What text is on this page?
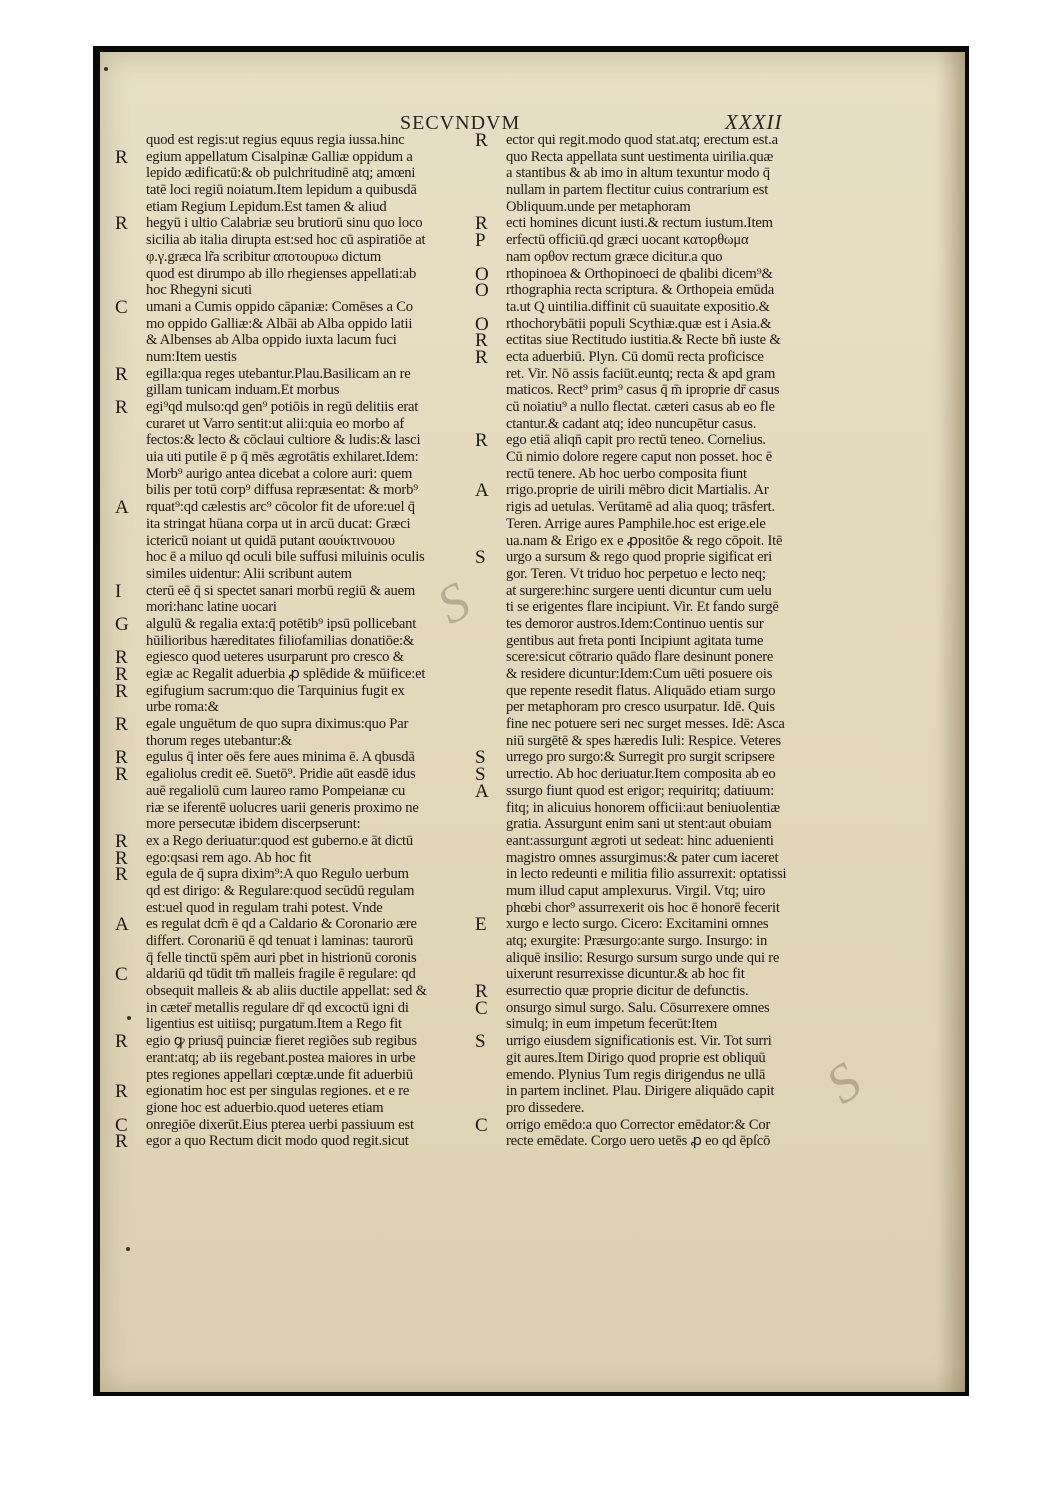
SECVNDVM	XXXII
quod est regis:ut regius equus regia iussa.hinc
R egium appellatum Cisalpinæ Galliæ oppidum a
lepido ædificatū:& ob pulchritudinē atq; amœni
tatē loci regiū noiatum.Item lepidum a quibusdā
etiam Regium Lepidum.Est tamen & aliud
R hegyū i ultio Calabriæ seu brutiorū sinu quo loco
sicilia ab italia dirupta est:sed hoc cū aspiratiōe at
φ.γ.græca lr̃a scribitur αποτουρυω dictum
quod est dirumpo ab illo rhegienses appellati:ab
hoc Rhegyni sicuti
C umani a Cumis oppido cāpaniæ: Comēses a Co
mo oppido Galliæ:& Albāi ab Alba oppido latii
& Albenses ab Alba oppido iuxta lacum fuci
num:Item uestis
R egilla:qua reges utebantur.Plau.Basilicam an re
gillam tunicam induam.Et morbus
R egi⁹qd mulso:qd gen⁹ potiōis in regū delitiis erat
curaret ut Varro sentit:ut alii:quia eo morbo af
fectos:& lecto & cōclaui cultiore & ludis:& lasci
uia uti putile ē p q̄ mēs ægrotātis exhilaret.Idem:
Morb⁹ aurigo antea dicebat a colore auri: quem
bilis per totū corp⁹ diffusa repræsentat: & morb⁹
A rquat⁹:qd cælestis arc⁹ cōcolor fit de ufore:uel q̄
ita stringat hūana corpa ut in arcū ducat: Græci
ictericū noiant ut quidā putant αουίκτινουου
hoc ē a miluo qd oculi bile suffusi miluinis oculis
similes uidentur: Alii scribunt autem
I cterū eē q̄ si spectet sanari morbū regiū & auem
mori:hanc latine uocari
G algulū & regalia exta:q̄ potētib⁹ ipsū pollicebant
hūilioribus hæreditates filiofamilias donatiōe:&
R egiesco quod ueteres usurparunt pro cresco &
R egiæ ac Regalit aduerbia ꝓ splēdide & mūifice:et
R egifugium sacrum:quo die Tarquinius fugit ex
urbe roma:&
R egale unguētum de quo supra diximus:quo Par
thorum reges utebantur:&
R egulus q̄ inter oēs fere aues minima ē. A qbusdā
R egaliolus credit eē. Suetō⁹. Pridie aūt easdē idus
auē regaliolū cum laureo ramo Pompeianæ cu
riæ se iferentē uolucres uarii generis proximo ne
more persecutæ ibidem discerpserunt:
R ex a Rego deriuatur:quod est guberno.e āt dictū
R ego:qsasi rem ago. Ab hoc fit
R egula de q̄ supra dixim⁹:A quo Regulo uerbum
qd est dirigo: & Regulare:quod secūdū regulam
est:uel quod in regulam trahi potest. Vnde
A es regulat dcm̄ ē qd a Caldario & Coronario ære
differt. Coronariū ē qd tenuat i laminas: taurorū
q̄ felle tinctū spēm auri pbet in histrionū coronis
C aldariū qd tūdit tm̄ malleis fragile ē regulare: qd
obsequit malleis & ab aliis ductile appellat: sed &
in cæter̄ metallis regulare dr̄ qd excoctū igni di
ligentius est uitiisq; purgatum.Item a Rego fit
R egio ꝙ priusq̄ puinciæ fieret regiões sub regibus
erant:atq; ab iis regebant.postea maiores in urbe
ptes regiones appellari cœptæ.unde fit aduerbiū
R egionatim hoc est per singulas regiones. et e re
gione hoc est aduerbio.quod ueteres etiam
C onregiōe dixerūt.Eius pterea uerbi passiuum est
R egor a quo Rectum dicit modo quod regit.sicut
R ector qui regit.modo quod stat.atq; erectum est.a
quo Recta appellata sunt uestimenta uirilia.quæ
a stantibus & ab imo in altum texuntur modo q̄
nullam in partem flectitur cuius contrarium est
Obliquum.unde per metaphoram
R ecti homines dicunt iusti.& rectum iustum.Item
P erfectū officiū.qd græci uocant κατορθωμα
nam ορθον rectum græce dicitur.a quo
O rthopinoea & Orthopinoeci de qbalibi dicem⁹&
O rthographia recta scriptura. & Orthopeia emūda
ta.ut Q uintilia.diffinit cū suauitate expositio.&
O rthochorybātii populi Scythiæ.quæ est i Asia.&
R ectitas siue Rectitudo iustitia.& Recte bñ iuste &
R ecta aduerbiū. Plyn. Cū domū recta proficisce
ret. Vir. Nō assis faciūt.euntq; recta & apd gram
maticos. Rect⁹ prim⁹ casus q̄ m̄ iproprie dr̄ casus
cū noiatiu⁹ a nullo flectat. cæteri casus ab eo fle
ctantur.& cadant atq; ideo nuncupētur casus.
R ego etiā aliqn̄ capit pro rectū teneo. Cornelius.
Cū nimio dolore regere caput non posset. hoc ē
rectū tenere. Ab hoc uerbo composita fiunt
A rrigo.proprie de uirili mēbro dicit Martialis. Ar
rigis ad uetulas. Verūtamē ad alia quoq; trāsfert.
Teren. Arrige aures Pamphile.hoc est erige.ele
ua.nam & Erigo ex e ꝓpositōe & rego cōpoit. Itē
S urgo a sursum & rego quod proprie sigificat eri
gor. Teren. Vt triduo hoc perpetuo e lecto neq;
at surgere:hinc surgere uenti dicuntur cum uelu
ti se erigentes flare incipiunt. Vir. Et fando surgē
tes demoror austros.Idem:Continuo uentis sur
gentibus aut freta ponti Incipiunt agitata tume
scere:sicut cōtrario quādo flare desinunt ponere
& residere dicuntur:Idem:Cum uēti posuere ois
que repente resedit flatus. Aliquādo etiam surgo
per metaphoram pro cresco usurpatur. Idē. Quis
fine nec potuere seri nec surget messes. Idē: Asca
niū surgētē & spes hæredis Iuli: Respice. Veteres
S urrego pro surgo:& Surregit pro surgit scripsere
S urrectio. Ab hoc deriuatur.Item composita ab eo
A ssurgo fiunt quod est erigor; requiritq; datiuum:
fitq; in alicuius honorem officii:aut beniuolentiæ
gratia. Assurgunt enim sani ut stent:aut obuiam
eant:assurgunt ægroti ut sedeat: hinc aduenienti
magistro omnes assurgimus:& pater cum iaceret
in lecto redeunti e militia filio assurrexit: optatissi
mum illud caput amplexurus. Virgil. Vtq; uiro
phœbi chor⁹ assurrexerit ois hoc ē honorē fecerit
E xurgo e lecto surgo. Cicero: Excitamini omnes
atq; exurgite: Præsurgo:ante surgo. Insurgo: in
aliquē insilio: Resurgo sursum surgo unde qui re
uixerunt resurrexisse dicuntur.& ab hoc fit
R esurrectio quæ proprie dicitur de defunctis.
C onsurgo simul surgo. Salu. Cōsurrexere omnes
simulq; in eum impetum fecerūt:Item
S urrigo eiusdem significationis est. Vir. Tot surri
git aures.Item Dirigo quod proprie est obliquū
emendo. Plynius Tum regis dirigendus ne ullā
in partem inclinet. Plau. Dirigere aliquādo capit
pro dissedere.
C orrigo emēdo:a quo Corrector emēdator:& Cor
recte emēdate. Corgo uero uetēs ꝓ eo qd ēpſcō
S
S
